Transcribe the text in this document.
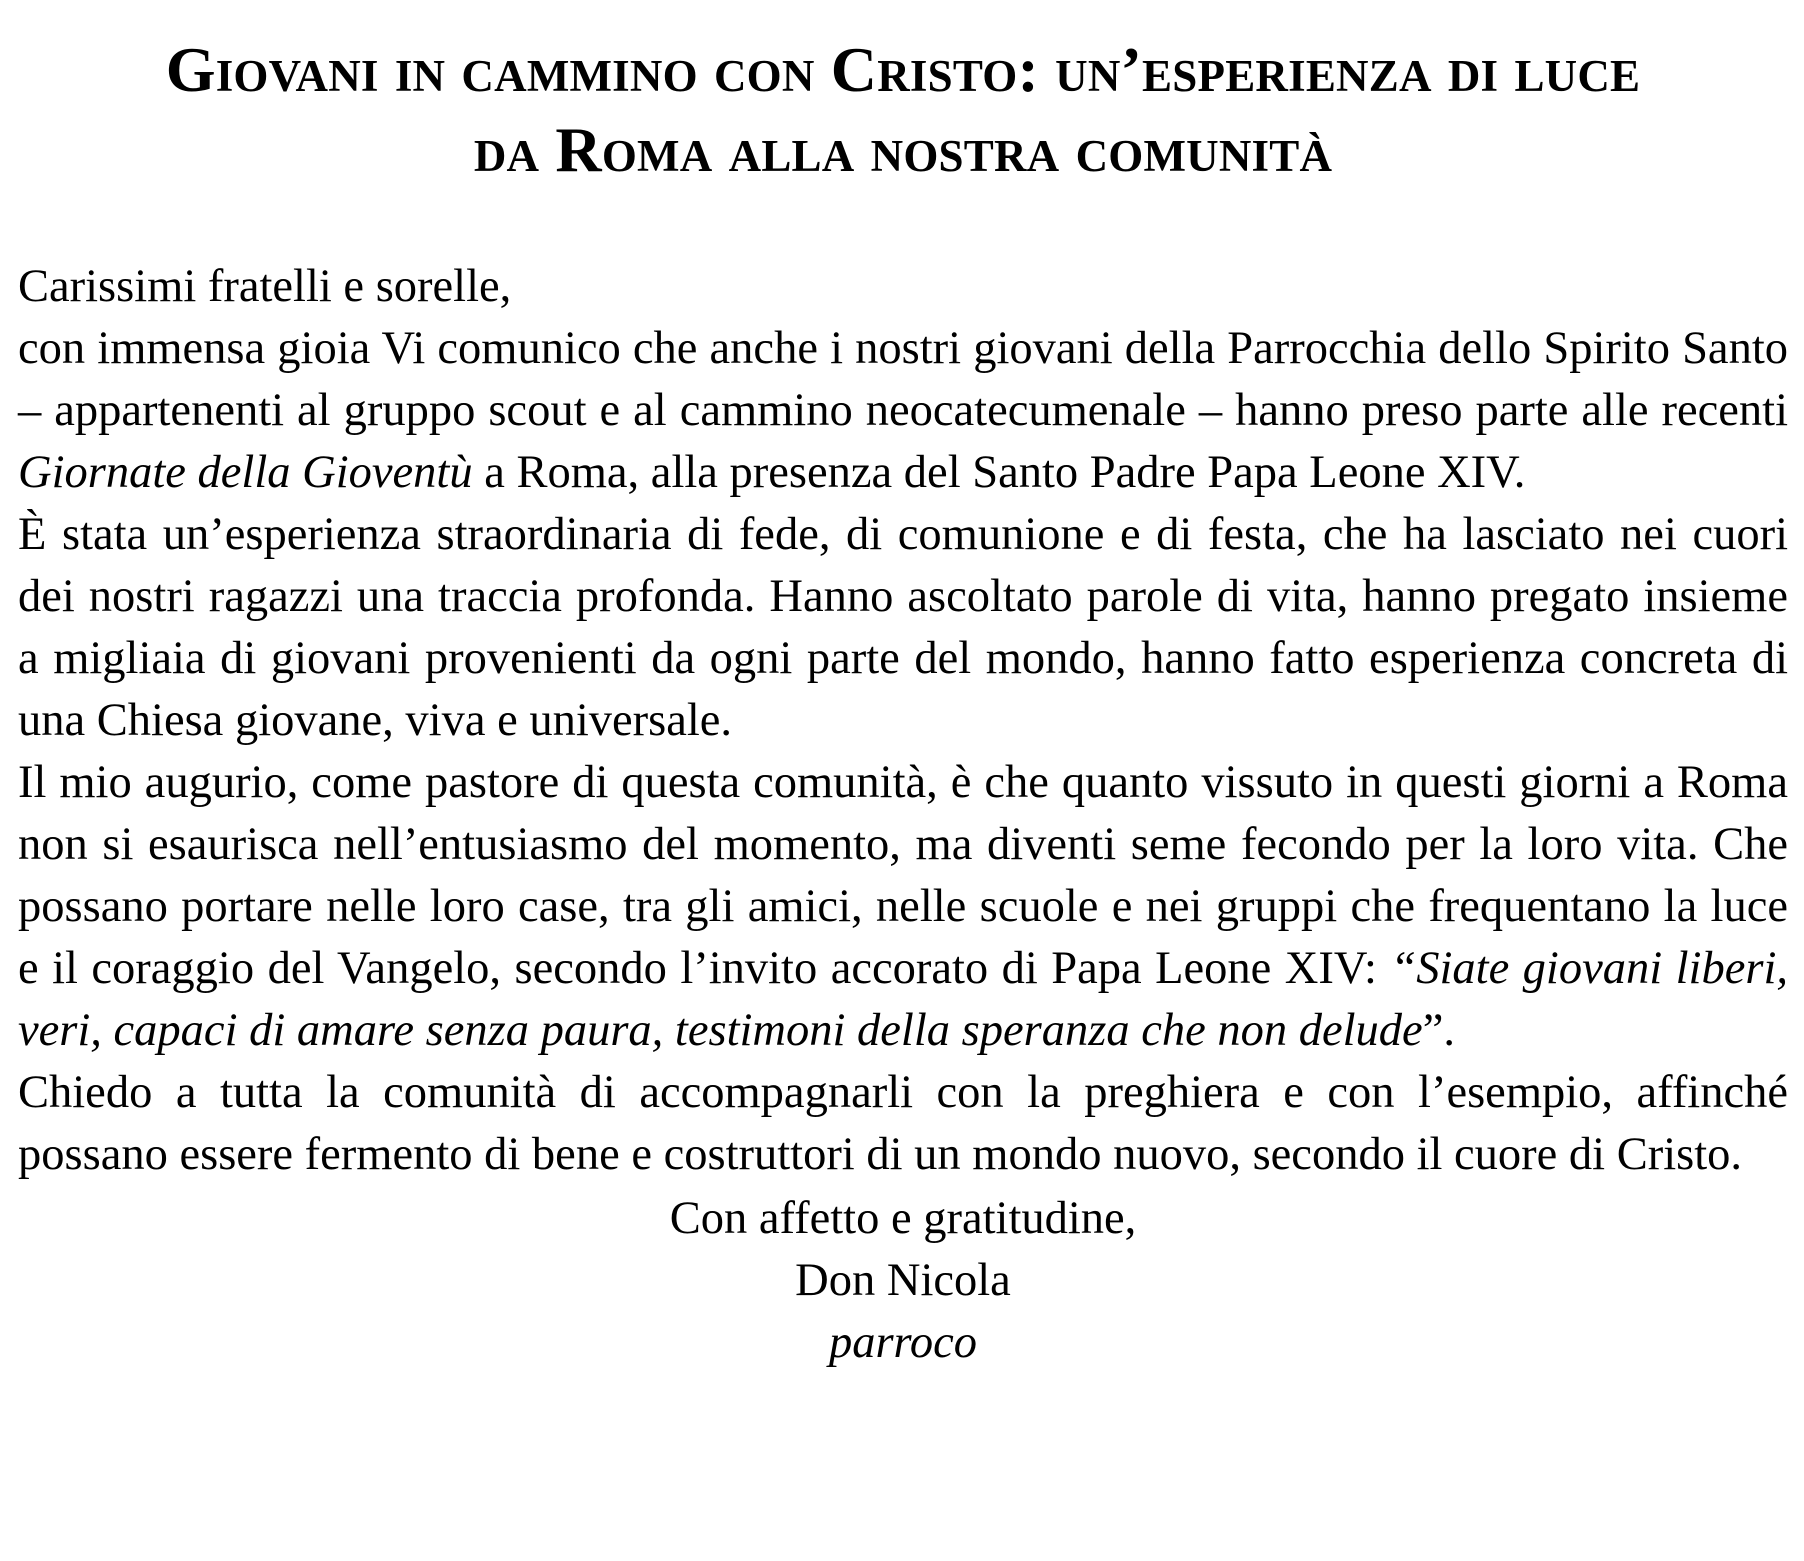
Giovani in cammino con Cristo: un’esperienza di luce
da Roma alla nostra comunità

Carissimi fratelli e sorelle,

con immensa gioia Vi comunico che anche i nostri giovani della Parrocchia dello Spirito Santo – appartenenti al gruppo scout e al cammino neocatecumenale – hanno preso parte alle recenti Giornate della Gioventù a Roma, alla presenza del Santo Padre Papa Leone XIV.

È stata un’esperienza straordinaria di fede, di comunione e di festa, che ha lasciato nei cuori dei nostri ragazzi una traccia profonda. Hanno ascoltato parole di vita, hanno pregato insieme a migliaia di giovani provenienti da ogni parte del mondo, hanno fatto esperienza concreta di una Chiesa giovane, viva e universale.

Il mio augurio, come pastore di questa comunità, è che quanto vissuto in questi giorni a Roma non si esaurisca nell’entusiasmo del momento, ma diventi seme fecondo per la loro vita. Che possano portare nelle loro case, tra gli amici, nelle scuole e nei gruppi che frequentano la luce e il coraggio del Vangelo, secondo l’invito accorato di Papa Leone XIV: “Siate giovani liberi, veri, capaci di amare senza paura, testimoni della speranza che non delude”.

Chiedo a tutta la comunità di accompagnarli con la preghiera e con l’esempio, affinché possano essere fermento di bene e costruttori di un mondo nuovo, secondo il cuore di Cristo.

Con affetto e gratitudine,
Don Nicola
parroco
